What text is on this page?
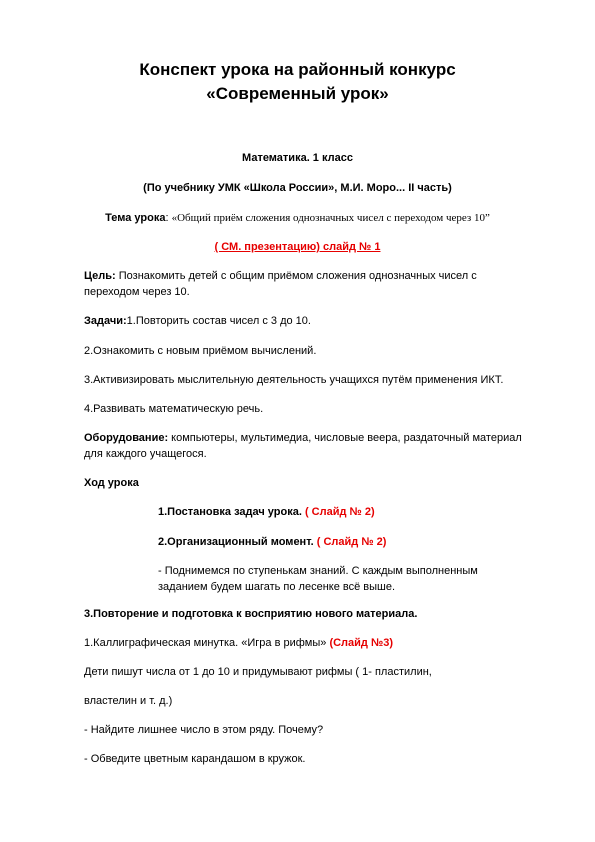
Конспект урока на районный конкурс
«Современный урок»
Математика. 1 класс
(По учебнику УМК «Школа России», М.И. Моро... II часть)
Тема урока: «Общий приём сложения однозначных чисел с переходом через 10”
( СМ. презентацию) слайд № 1
Цель: Познакомить детей с общим приёмом сложения однозначных чисел с переходом через 10.
Задачи:1.Повторить состав чисел с 3 до 10.
2.Ознакомить с новым приёмом вычислений.
3.Активизировать мыслительную деятельность учащихся путём применения ИКТ.
4.Развивать математическую речь.
Оборудование: компьютеры, мультимедиа, числовые веера, раздаточный материал для каждого учащегося.
Ход урока
1.Постановка задач урока. ( Слайд № 2)
2.Организационный момент. ( Слайд № 2)
- Поднимемся по ступенькам знаний. С каждым выполненным заданием будем шагать по лесенке всё выше.
3.Повторение и подготовка к восприятию нового материала.
1.Каллиграфическая минутка. «Игра в рифмы» (Слайд №3)
Дети пишут числа от 1 до 10 и придумывают рифмы ( 1- пластилин,
властелин и т. д.)
- Найдите лишнее число в этом ряду. Почему?
- Обведите цветным карандашом в кружок.
